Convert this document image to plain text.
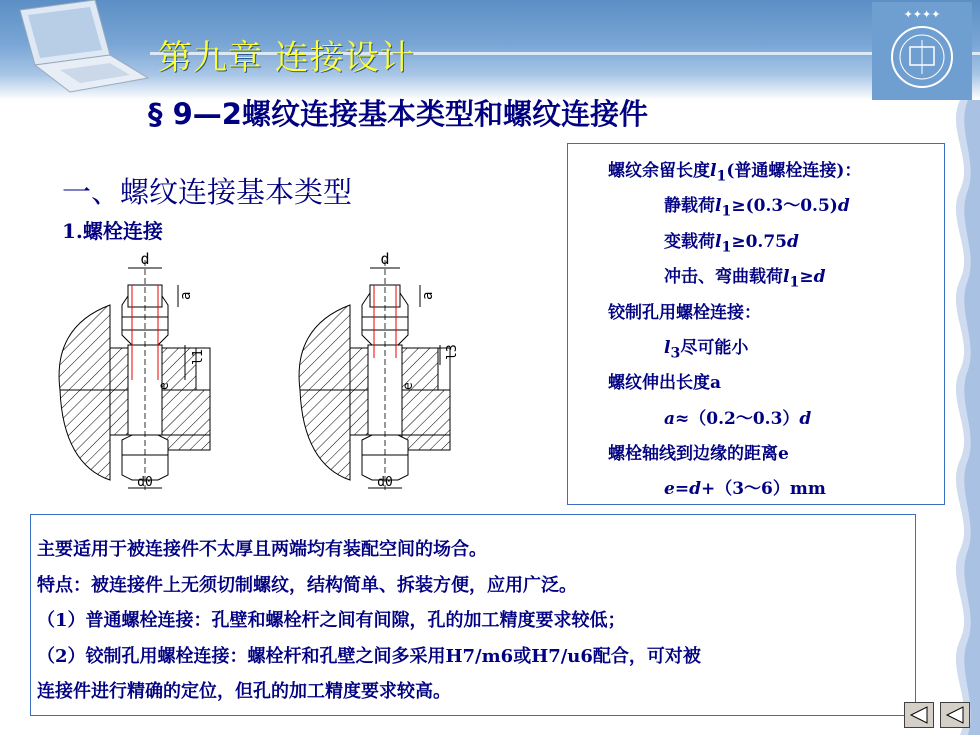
✦✦✦✦
第九章 连接设计
§ 9—2螺纹连接基本类型和螺纹连接件
一、螺纹连接基本类型
1.螺栓连接
d
a
l1
e
d0
d
a
l3
e
d0
螺纹余留长度$l_1$(普通螺栓连接)：
静载荷$l_1\ge(0.3\sim 0.5)d$
变载荷$l_1\ge 0.75d$
冲击、弯曲载荷$l_1\ge d$
铰制孔用螺栓连接：
$l_3$尽可能小
螺纹伸出长度a
a≈（0.2～0.3）d
螺栓轴线到边缘的距离e
e=d+（3～6）mm
主要适用于被连接件不太厚且两端均有装配空间的场合。
特点：被连接件上无须切制螺纹，结构简单、拆装方便，应用广泛。
（1）普通螺栓连接：孔壁和螺栓杆之间有间隙，孔的加工精度要求较低；
（2）铰制孔用螺栓连接：螺栓杆和孔壁之间多采用H7/m6或H7/u6配合，可对被
连接件进行精确的定位，但孔的加工精度要求较高。
